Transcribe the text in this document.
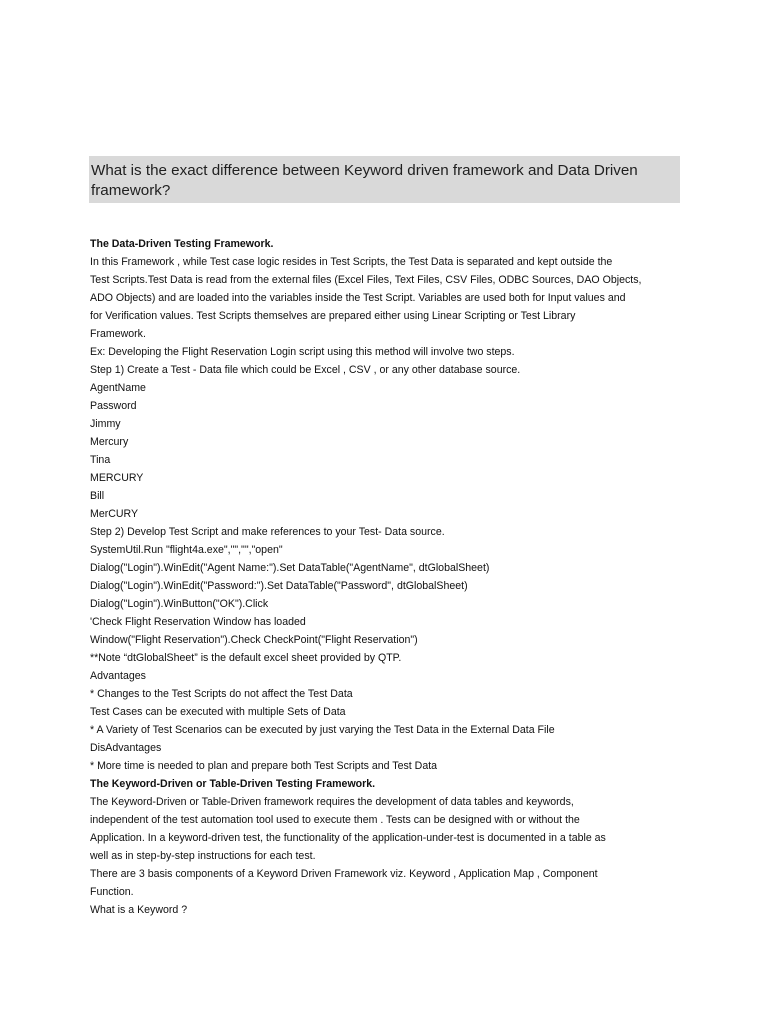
What is the exact difference between Keyword driven framework and Data Driven framework?
The Data-Driven Testing Framework.
In this Framework , while Test case logic resides in Test Scripts, the Test Data is separated and kept outside the
Test Scripts.Test Data is read from the external files (Excel Files, Text Files, CSV Files, ODBC Sources, DAO Objects,
ADO Objects) and are loaded into the variables inside the Test Script. Variables are used both for Input values and
for Verification values. Test Scripts themselves are prepared either using Linear Scripting or Test Library
Framework.
Ex: Developing the Flight Reservation Login script using this method will involve two steps.
Step 1) Create a Test - Data file which could be Excel , CSV , or any other database source.
AgentName
Password
Jimmy
Mercury
Tina
MERCURY
Bill
MerCURY
Step 2) Develop Test Script and make references to your Test- Data source.
SystemUtil.Run "flight4a.exe","","","open"
Dialog("Login").WinEdit("Agent Name:").Set DataTable("AgentName", dtGlobalSheet)
Dialog("Login").WinEdit("Password:").Set DataTable("Password", dtGlobalSheet)
Dialog("Login").WinButton("OK").Click
'Check Flight Reservation Window has loaded
Window("Flight Reservation").Check CheckPoint("Flight Reservation")
**Note “dtGlobalSheet” is the default excel sheet provided by QTP.
Advantages
* Changes to the Test Scripts do not affect the Test Data
Test Cases can be executed with multiple Sets of Data
* A Variety of Test Scenarios can be executed by just varying the Test Data in the External Data File
DisAdvantages
* More time is needed to plan and prepare both Test Scripts and Test Data
The Keyword-Driven or Table-Driven Testing Framework.
The Keyword-Driven or Table-Driven framework requires the development of data tables and keywords,
independent of the test automation tool used to execute them . Tests can be designed with or without the
Application. In a keyword-driven test, the functionality of the application-under-test is documented in a table as
well as in step-by-step instructions for each test.
There are 3 basis components of a Keyword Driven Framework viz. Keyword , Application Map , Component
Function.
What is a Keyword ?
